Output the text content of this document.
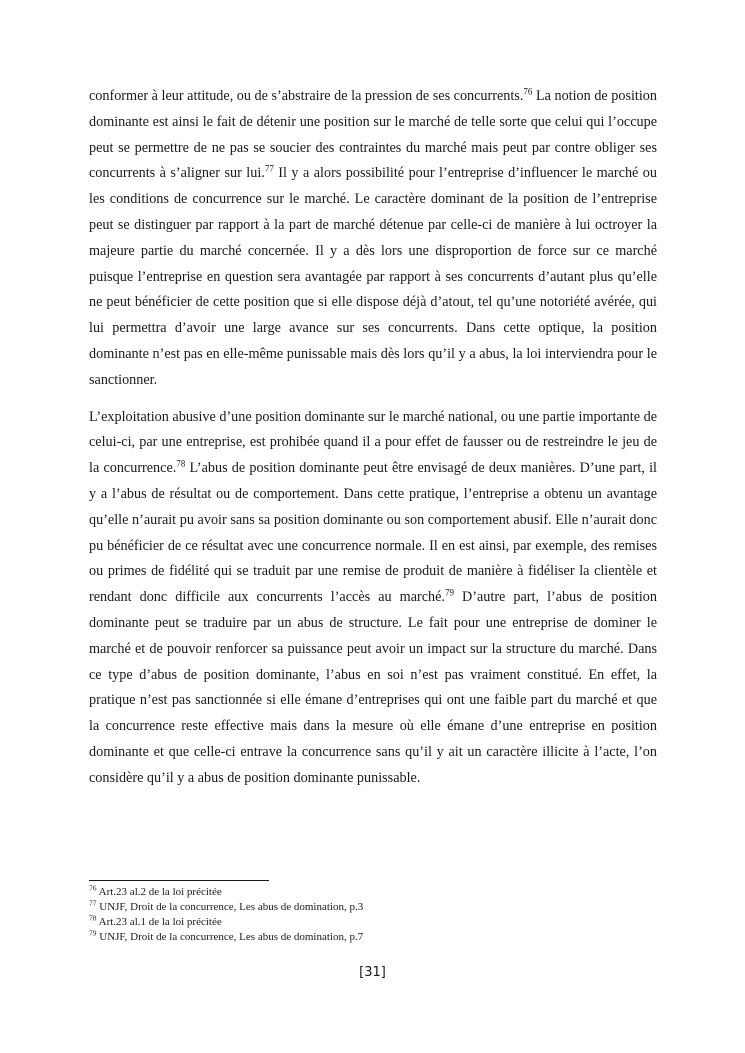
conformer à leur attitude, ou de s’abstraire de la pression de ses concurrents.$^{76}$ La notion de position dominante est ainsi le fait de détenir une position sur le marché de telle sorte que celui qui l’occupe peut se permettre de ne pas se soucier des contraintes du marché mais peut par contre obliger ses concurrents à s’aligner sur lui.$^{77}$ Il y a alors possibilité pour l’entreprise d’influencer le marché ou les conditions de concurrence sur le marché. Le caractère dominant de la position de l’entreprise peut se distinguer par rapport à la part de marché détenue par celle-ci de manière à lui octroyer la majeure partie du marché concernée. Il y a dès lors une disproportion de force sur ce marché puisque l’entreprise en question sera avantagée par rapport à ses concurrents d’autant plus qu’elle ne peut bénéficier de cette position que si elle dispose déjà d’atout, tel qu’une notoriété avérée, qui lui permettra d’avoir une large avance sur ses concurrents. Dans cette optique, la position dominante n’est pas en elle-même punissable mais dès lors qu’il y a abus, la loi interviendra pour le sanctionner.

L’exploitation abusive d’une position dominante sur le marché national, ou une partie importante de celui-ci, par une entreprise, est prohibée quand il a pour effet de fausser ou de restreindre le jeu de la concurrence.$^{78}$ L’abus de position dominante peut être envisagé de deux manières. D’une part, il y a l’abus de résultat ou de comportement. Dans cette pratique, l’entreprise a obtenu un avantage qu’elle n’aurait pu avoir sans sa position dominante ou son comportement abusif. Elle n’aurait donc pu bénéficier de ce résultat avec une concurrence normale. Il en est ainsi, par exemple, des remises ou primes de fidélité qui se traduit par une remise de produit de manière à fidéliser la clientèle et rendant donc difficile aux concurrents l’accès au marché.$^{79}$ D’autre part, l’abus de position dominante peut se traduire par un abus de structure. Le fait pour une entreprise de dominer le marché et de pouvoir renforcer sa puissance peut avoir un impact sur la structure du marché. Dans ce type d’abus de position dominante, l’abus en soi n’est pas vraiment constitué. En effet, la pratique n’est pas sanctionnée si elle émane d’entreprises qui ont une faible part du marché et que la concurrence reste effective mais dans la mesure où elle émane d’une entreprise en position dominante et que celle-ci entrave la concurrence sans qu’il y ait un caractère illicite à l’acte, l’on considère qu’il y a abus de position dominante punissable.

$^{76}$ Art.23 al.2 de la loi précitée

$^{77}$ UNJF, Droit de la concurrence, Les abus de domination, p.3

$^{78}$ Art.23 al.1 de la loi précitée

$^{79}$ UNJF, Droit de la concurrence, Les abus de domination, p.7

[31]
